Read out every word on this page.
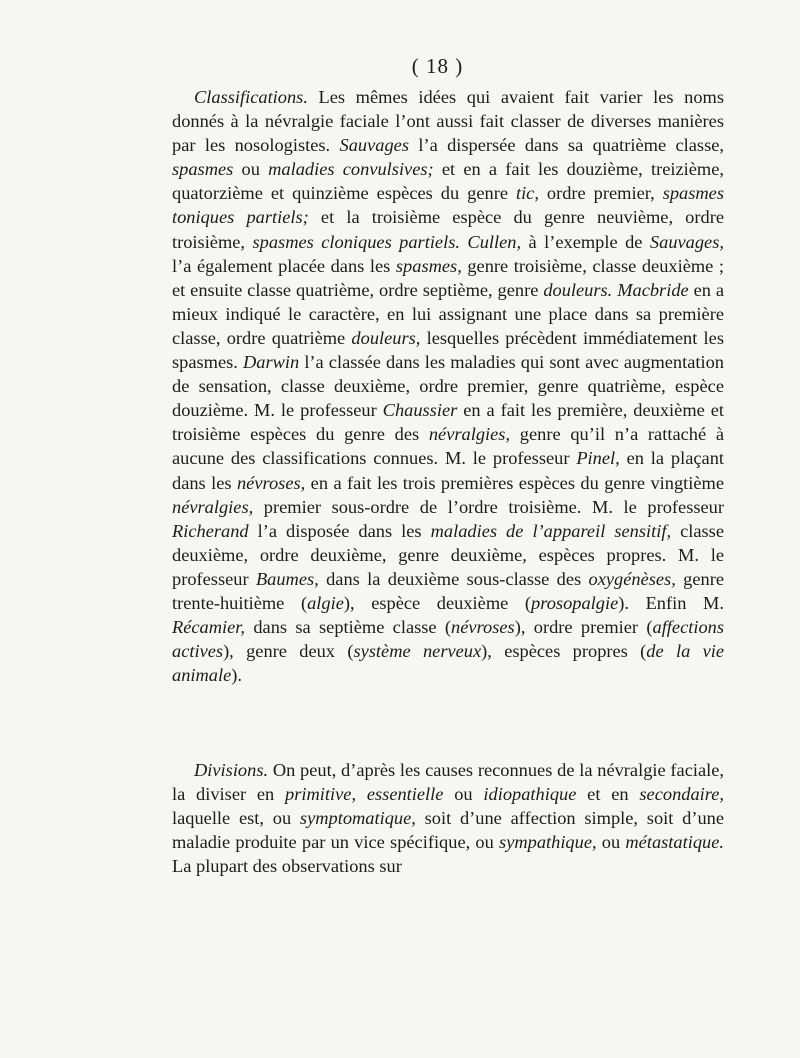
( 18 )

Classifications. Les mêmes idées qui avaient fait varier les noms donnés à la névralgie faciale l’ont aussi fait classer de diverses manières par les nosologistes. Sauvages l’a dispersée dans sa quatrième classe, spasmes ou maladies convulsives; et en a fait les douzième, treizième, quatorzième et quinzième espèces du genre tic, ordre premier, spasmes toniques partiels; et la troisième espèce du genre neuvième, ordre troisième, spasmes cloniques partiels. Cullen, à l’exemple de Sauvages, l’a également placée dans les spasmes, genre troisième, classe deuxième ; et ensuite classe quatrième, ordre septième, genre douleurs. Macbride en a mieux indiqué le caractère, en lui assignant une place dans sa première classe, ordre quatrième douleurs, lesquelles précèdent immédiatement les spasmes. Darwin l’a classée dans les maladies qui sont avec augmentation de sensation, classe deuxième, ordre premier, genre quatrième, espèce douzième. M. le professeur Chaussier en a fait les première, deuxième et troisième espèces du genre des névralgies, genre qu’il n’a rattaché à aucune des classifications connues. M. le professeur Pinel, en la plaçant dans les névroses, en a fait les trois premières espèces du genre vingtième névralgies, premier sous-ordre de l’ordre troisième. M. le professeur Richerand l’a disposée dans les maladies de l’appareil sensitif, classe deuxième, ordre deuxième, genre deuxième, espèces propres. M. le professeur Baumes, dans la deuxième sous-classe des oxygénèses, genre trente-huitième (algie), espèce deuxième (prosopalgie). Enfin M. Récamier, dans sa septième classe (névroses), ordre premier (affections actives), genre deux (système nerveux), espèces propres (de la vie animale).

Divisions. On peut, d’après les causes reconnues de la névralgie faciale, la diviser en primitive, essentielle ou idiopathique et en secondaire, laquelle est, ou symptomatique, soit d’une affection simple, soit d’une maladie produite par un vice spécifique, ou sympathique, ou métastatique. La plupart des observations sur
